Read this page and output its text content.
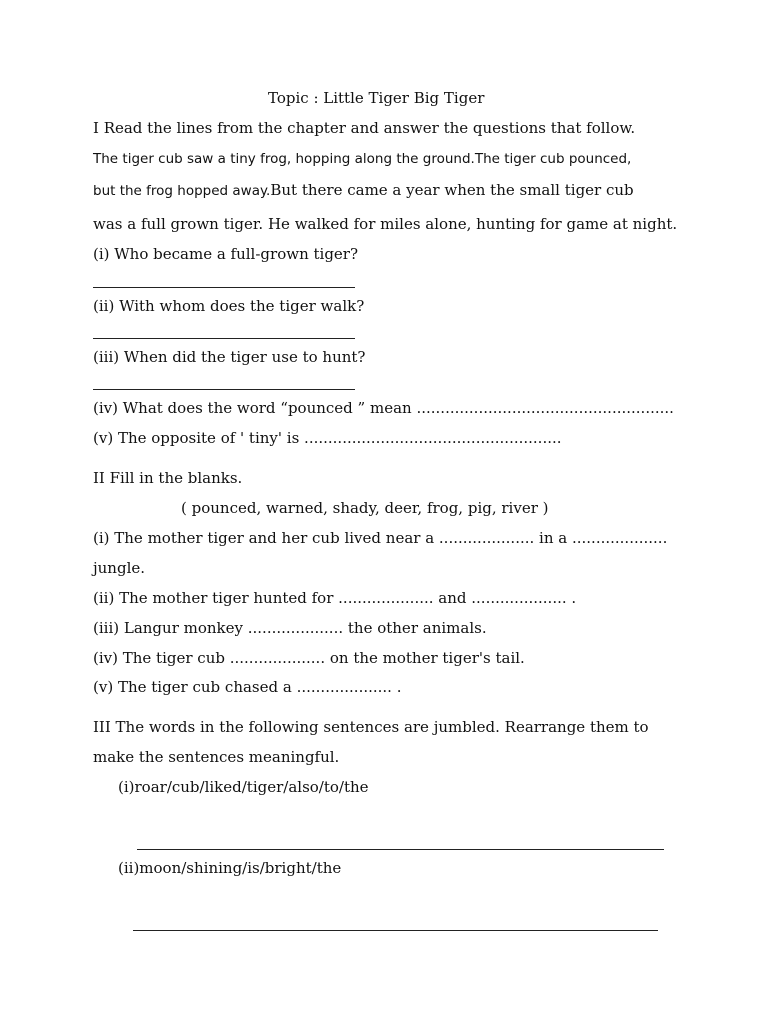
Topic : Little Tiger Big Tiger
I Read the lines from the chapter and answer the questions that follow.
The tiger cub saw a tiny frog, hopping along the ground.The tiger cub pounced,
but the frog hopped away.But there came a year when the small tiger cub
was a full grown tiger. He walked for miles alone, hunting for game at night.
(i) Who became a full-grown tiger?
(ii) With whom does the tiger walk?
(iii) When did the tiger use to hunt?
(iv) What does the word “pounced ” mean ......................................................
(v) The opposite of ' tiny' is ......................................................
II Fill in the blanks.
( pounced, warned, shady, deer, frog, pig, river )
(i) The mother tiger and her cub lived near a .................... in a ....................
jungle.
(ii) The mother tiger hunted for .................... and .................... .
(iii) Langur monkey .................... the other animals.
(iv) The tiger cub .................... on the mother tiger's tail.
(v) The tiger cub chased a .................... .
III The words in the following sentences are jumbled. Rearrange them to
make the sentences meaningful.
(i)roar/cub/liked/tiger/also/to/the
(ii)moon/shining/is/bright/the
